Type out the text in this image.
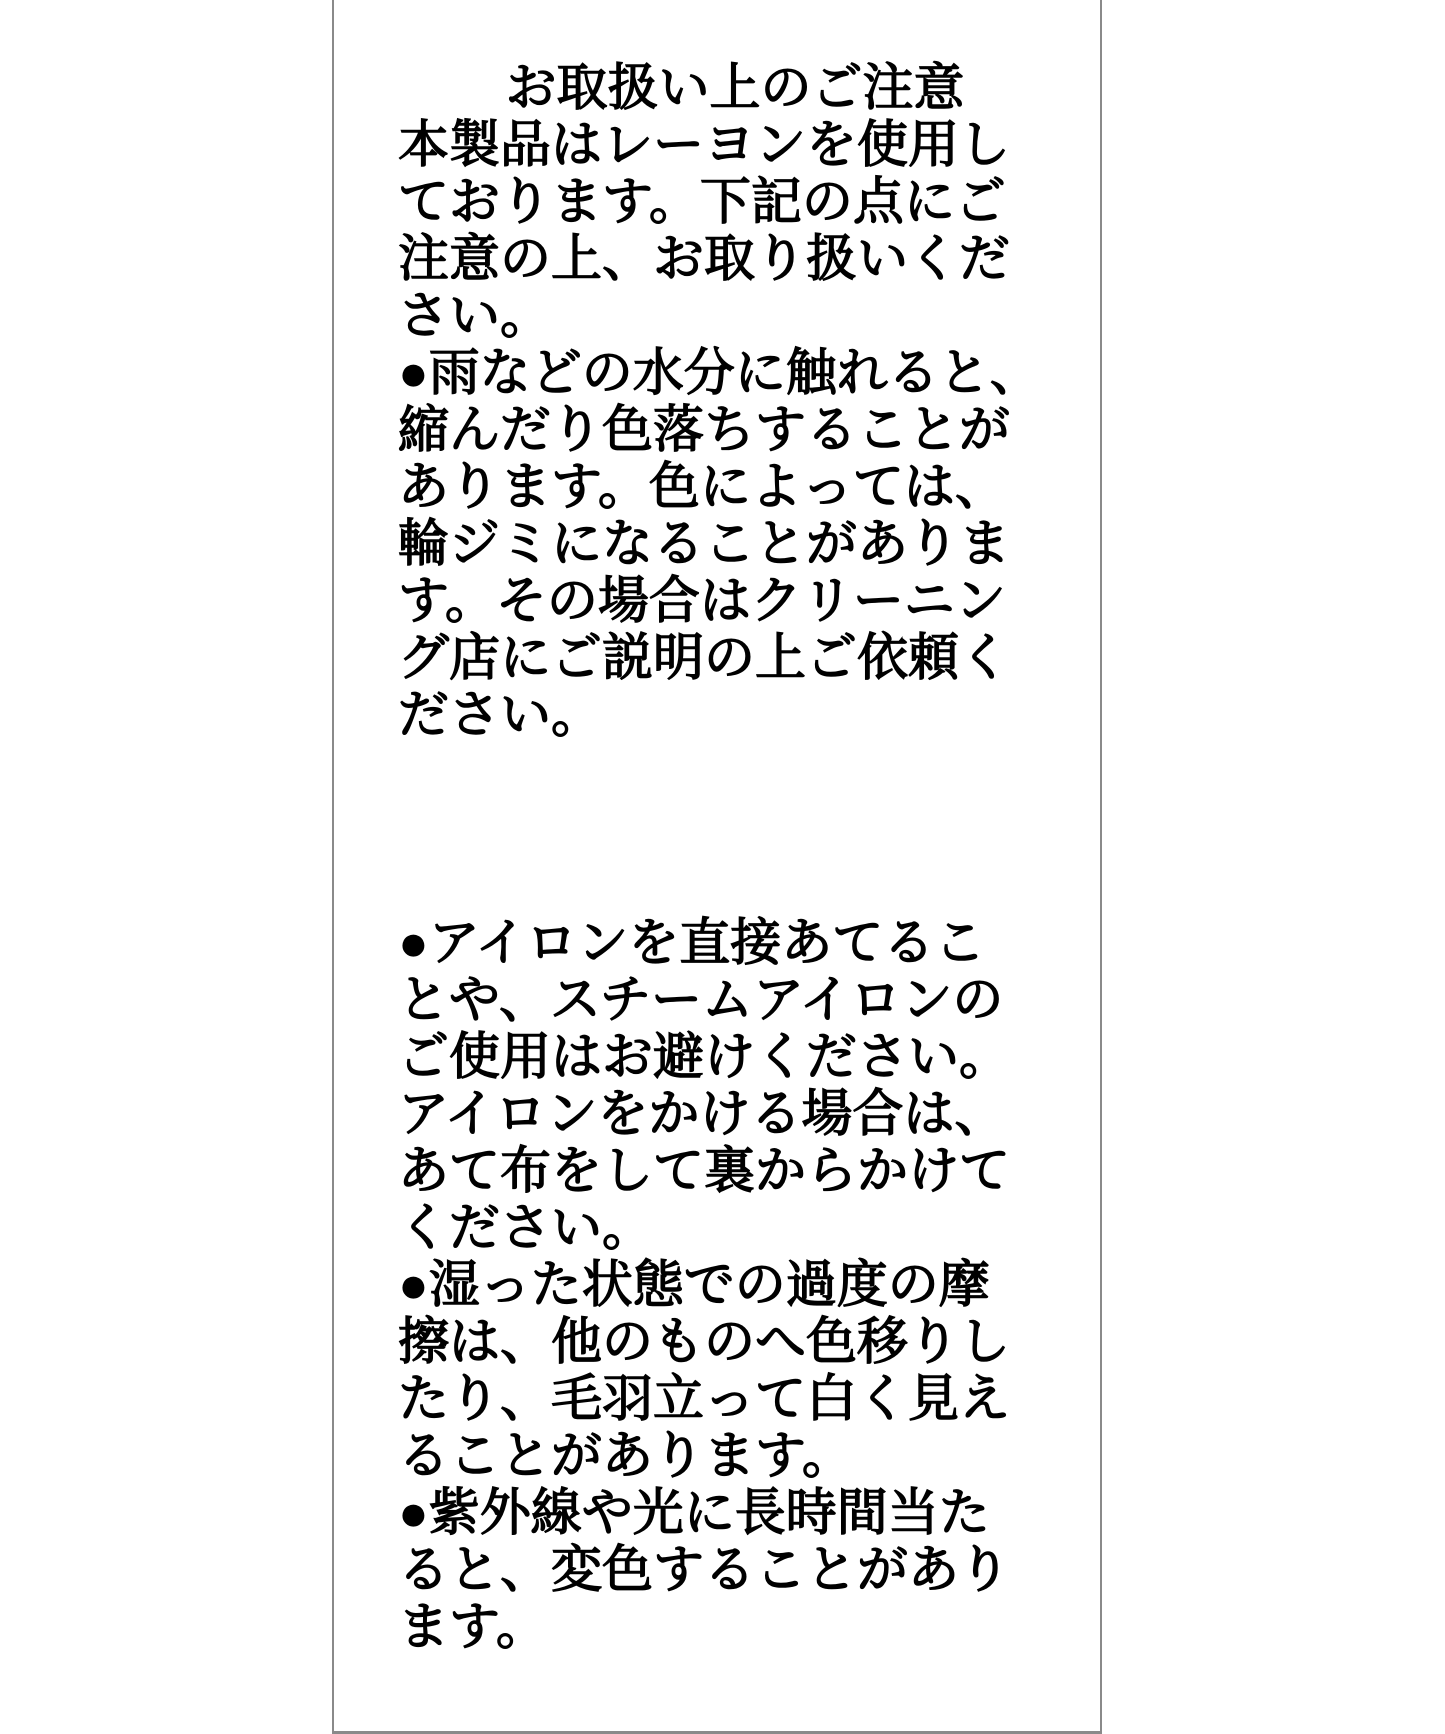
お取扱い上のご注意
本製品はレーヨンを使用し
ております。下記の点にご
注意の上、お取り扱いくだ
さい。
●雨などの水分に触れると、
縮んだり色落ちすることが
あります。色によっては、
輪ジミになることがありま
す。その場合はクリーニン
グ店にご説明の上ご依頼く
ださい。

●アイロンを直接あてるこ
とや、スチームアイロンの
ご使用はお避けください。
アイロンをかける場合は、
あて布をして裏からかけて
ください。
●湿った状態での過度の摩
擦は、他のものへ色移りし
たり、毛羽立って白く見え
ることがあります。
●紫外線や光に長時間当た
ると、変色することがあり
ます。
